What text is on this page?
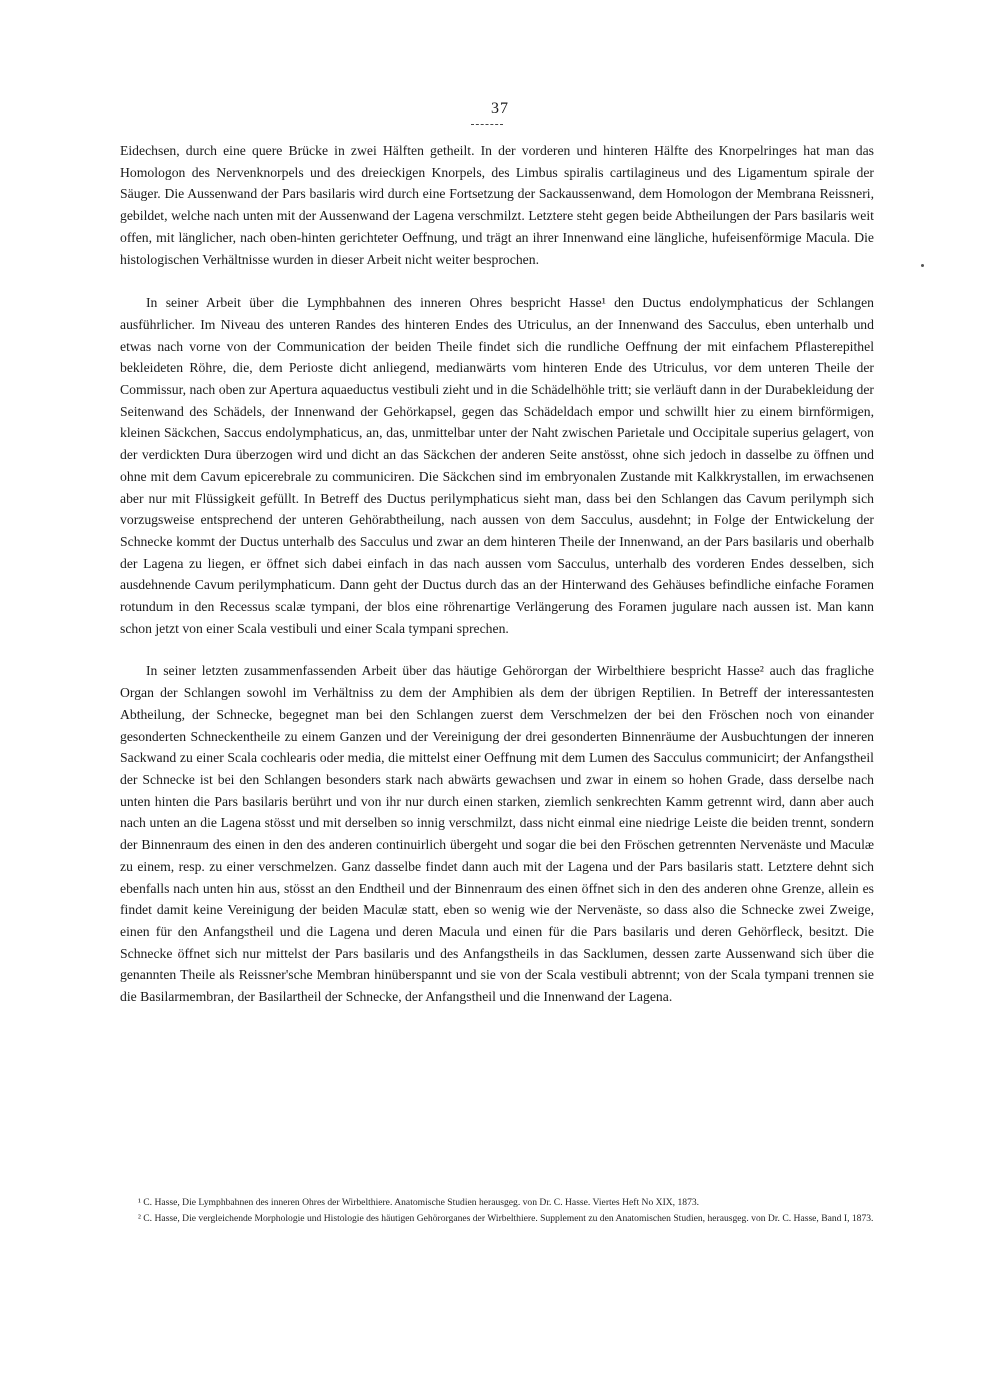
37

Eidechsen, durch eine quere Brücke in zwei Hälften getheilt. In der vorderen und hinteren Hälfte des Knorpelringes hat man das Homologon des Nervenknorpels und des dreieckigen Knorpels, des Limbus spiralis cartilagineus und des Ligamentum spirale der Säuger. Die Aussenwand der Pars basilaris wird durch eine Fortsetzung der Sackaussenwand, dem Homologon der Membrana Reissneri, gebildet, welche nach unten mit der Aussenwand der Lagena verschmilzt. Letztere steht gegen beide Abtheilungen der Pars basilaris weit offen, mit länglicher, nach oben-hinten gerichteter Oeffnung, und trägt an ihrer Innenwand eine längliche, hufeisenförmige Macula. Die histologischen Verhältnisse wurden in dieser Arbeit nicht weiter besprochen.

In seiner Arbeit über die Lymphbahnen des inneren Ohres bespricht Hasse¹ den Ductus endolymphaticus der Schlangen ausführlicher. Im Niveau des unteren Randes des hinteren Endes des Utriculus, an der Innenwand des Sacculus, eben unterhalb und etwas nach vorne von der Communication der beiden Theile findet sich die rundliche Oeffnung der mit einfachem Pflasterepithel bekleideten Röhre, die, dem Perioste dicht anliegend, medianwärts vom hinteren Ende des Utriculus, vor dem unteren Theile der Commissur, nach oben zur Apertura aquaeductus vestibuli zieht und in die Schädelhöhle tritt; sie verläuft dann in der Durabekleidung der Seitenwand des Schädels, der Innenwand der Gehörkapsel, gegen das Schädeldach empor und schwillt hier zu einem birnförmigen, kleinen Säckchen, Saccus endolymphaticus, an, das, unmittelbar unter der Naht zwischen Parietale und Occipitale superius gelagert, von der verdickten Dura überzogen wird und dicht an das Säckchen der anderen Seite anstösst, ohne sich jedoch in dasselbe zu öffnen und ohne mit dem Cavum epicerebrale zu communiciren. Die Säckchen sind im embryonalen Zustande mit Kalkkrystallen, im erwachsenen aber nur mit Flüssigkeit gefüllt. In Betreff des Ductus perilymphaticus sieht man, dass bei den Schlangen das Cavum perilymph sich vorzugsweise entsprechend der unteren Gehörabtheilung, nach aussen von dem Sacculus, ausdehnt; in Folge der Entwickelung der Schnecke kommt der Ductus unterhalb des Sacculus und zwar an dem hinteren Theile der Innenwand, an der Pars basilaris und oberhalb der Lagena zu liegen, er öffnet sich dabei einfach in das nach aussen vom Sacculus, unterhalb des vorderen Endes desselben, sich ausdehnende Cavum perilymphaticum. Dann geht der Ductus durch das an der Hinterwand des Gehäuses befindliche einfache Foramen rotundum in den Recessus scalæ tympani, der blos eine röhrenartige Verlängerung des Foramen jugulare nach aussen ist. Man kann schon jetzt von einer Scala vestibuli und einer Scala tympani sprechen.

In seiner letzten zusammenfassenden Arbeit über das häutige Gehörorgan der Wirbelthiere bespricht Hasse² auch das fragliche Organ der Schlangen sowohl im Verhältniss zu dem der Amphibien als dem der übrigen Reptilien. In Betreff der interessantesten Abtheilung, der Schnecke, begegnet man bei den Schlangen zuerst dem Verschmelzen der bei den Fröschen noch von einander gesonderten Schneckentheile zu einem Ganzen und der Vereinigung der drei gesonderten Binnenräume der Ausbuchtungen der inneren Sackwand zu einer Scala cochlearis oder media, die mittelst einer Oeffnung mit dem Lumen des Sacculus communicirt; der Anfangstheil der Schnecke ist bei den Schlangen besonders stark nach abwärts gewachsen und zwar in einem so hohen Grade, dass derselbe nach unten hinten die Pars basilaris berührt und von ihr nur durch einen starken, ziemlich senkrechten Kamm getrennt wird, dann aber auch nach unten an die Lagena stösst und mit derselben so innig verschmilzt, dass nicht einmal eine niedrige Leiste die beiden trennt, sondern der Binnenraum des einen in den des anderen continuirlich übergeht und sogar die bei den Fröschen getrennten Nervenäste und Maculæ zu einem, resp. zu einer verschmelzen. Ganz dasselbe findet dann auch mit der Lagena und der Pars basilaris statt. Letztere dehnt sich ebenfalls nach unten hin aus, stösst an den Endtheil und der Binnenraum des einen öffnet sich in den des anderen ohne Grenze, allein es findet damit keine Vereinigung der beiden Maculæ statt, eben so wenig wie der Nervenäste, so dass also die Schnecke zwei Zweige, einen für den Anfangstheil und die Lagena und deren Macula und einen für die Pars basilaris und deren Gehörfleck, besitzt. Die Schnecke öffnet sich nur mittelst der Pars basilaris und des Anfangstheils in das Sacklumen, dessen zarte Aussenwand sich über die genannten Theile als Reissner'sche Membran hinüberspannt und sie von der Scala vestibuli abtrennt; von der Scala tympani trennen sie die Basilarmembran, der Basilartheil der Schnecke, der Anfangstheil und die Innenwand der Lagena.

¹ C. Hasse, Die Lymphbahnen des inneren Ohres der Wirbelthiere. Anatomische Studien herausgeg. von Dr. C. Hasse. Viertes Heft No XIX, 1873.

² C. Hasse, Die vergleichende Morphologie und Histologie des häutigen Gehörorganes der Wirbelthiere. Supplement zu den Anatomischen Studien, herausgeg. von Dr. C. Hasse, Band I, 1873.
